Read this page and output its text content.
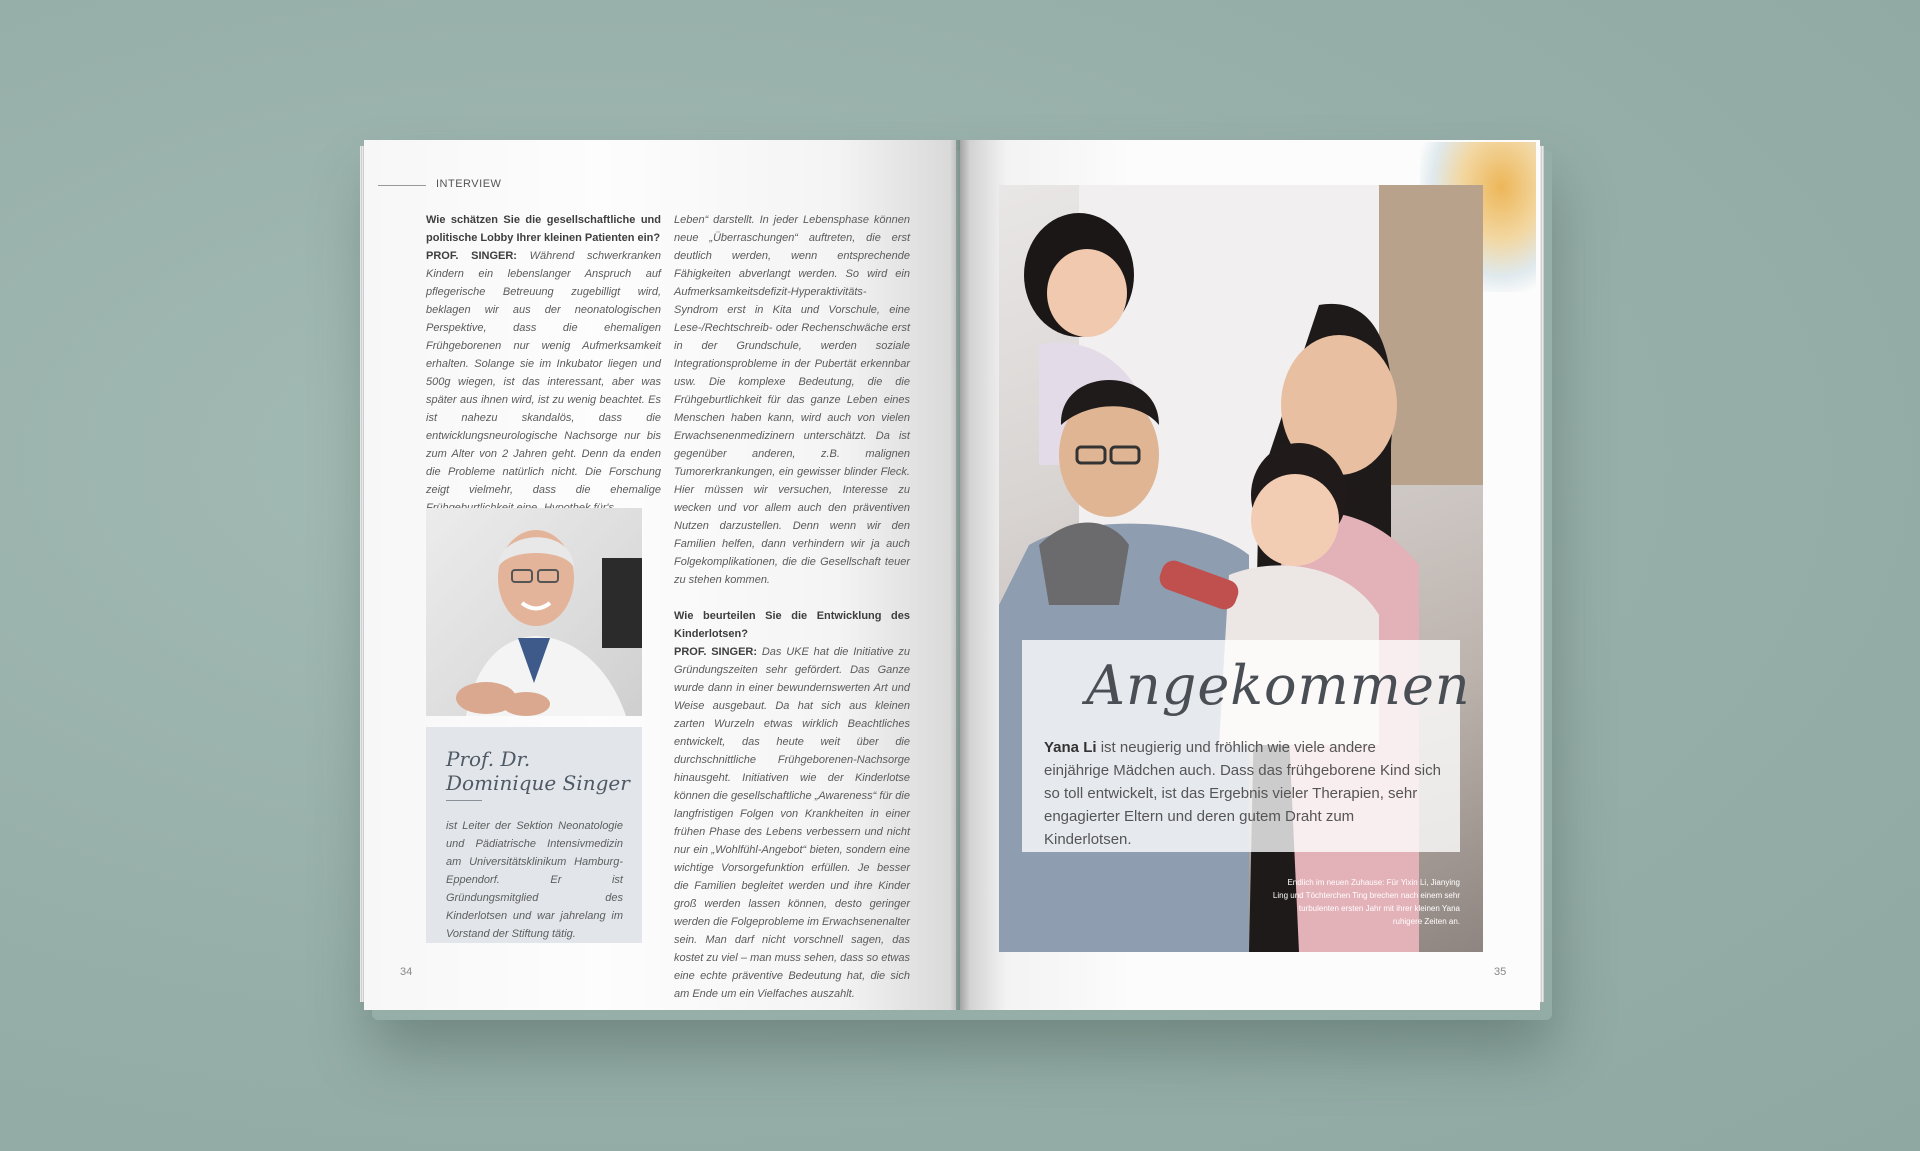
INTERVIEW
Wie schätzen Sie die gesellschaftliche und politische Lobby Ihrer kleinen Patienten ein?
PROF. SINGER: Während schwerkranken Kindern ein lebenslanger Anspruch auf pflegerische Betreuung zugebilligt wird, beklagen wir aus der neonatologischen Perspektive, dass die ehemaligen Frühgeborenen nur wenig Aufmerksamkeit erhalten. Solange sie im Inkubator liegen und 500g wiegen, ist das interessant, aber was später aus ihnen wird, ist zu wenig beachtet. Es ist nahezu skandalös, dass die entwicklungsneurologische Nachsorge nur bis zum Alter von 2 Jahren geht. Denn da enden die Probleme natürlich nicht. Die Forschung zeigt vielmehr, dass die ehemalige
Prof. Dr.
Dominique Singer
ist Leiter der Sektion Neonatologie und Pädiatrische Intensivmedizin am Universitätsklinikum Hamburg-Eppendorf. Er ist Gründungsmitglied des Kinderlotsen und war jahrelang im Vorstand der Stiftung tätig.
Leben“ darstellt. In jeder Lebensphase können neue „Überraschungen“ auftreten, die erst deutlich werden, wenn entsprechende Fähigkeiten abverlangt werden. So wird ein Aufmerksamkeitsdefizit-Hyperaktivitäts-Syndrom erst in Kita und Vorschule, eine Lese-/Rechtschreib- oder Rechenschwäche erst in der Grundschule, werden soziale Integrationsprobleme in der Pubertät erkennbar usw. Die komplexe Bedeutung, die die Frühgeburtlichkeit für das ganze Leben eines Menschen haben kann, wird auch von vielen Erwachsenenmedizinern unterschätzt. Da ist gegenüber anderen, z.B. malignen Tumorerkrankungen, ein gewisser blinder Fleck. Hier müssen wir versuchen, Interesse zu wecken und vor allem auch den präventiven Nutzen darzustellen. Denn wenn wir den Familien helfen, dann verhindern wir ja auch Folgekomplikationen, die die Gesellschaft teuer zu stehen kommen.
Wie beurteilen Sie die Entwicklung des Kinderlotsen?
PROF. SINGER: Das UKE hat die Initiative zu Gründungszeiten sehr gefördert. Das Ganze wurde dann in einer bewundernswerten Art und Weise ausgebaut. Da hat sich aus kleinen zarten Wurzeln etwas wirklich Beachtliches entwickelt, das heute weit über die durchschnittliche Frühgeborenen-Nachsorge hinausgeht. Initiativen wie der Kinderlotse können die gesellschaftliche „Awareness“ für die langfristigen Folgen von Krankheiten in einer frühen Phase des Lebens verbessern und nicht nur ein „Wohlfühl-Angebot“ bieten, sondern eine wichtige Vorsorgefunktion erfüllen. Je besser die Familien begleitet werden und ihre Kinder groß werden lassen können, desto geringer werden die Folgeprobleme im Erwachsenenalter sein. Man darf nicht vorschnell sagen, das kostet zu viel – man muss sehen, dass so etwas eine echte präventive Bedeutung hat, die sich am Ende um ein Vielfaches auszahlt.
34
Angekommen
Yana Li ist neugierig und fröhlich wie viele andere einjährige Mädchen auch. Dass das frühgeborene Kind sich so toll entwickelt, ist das Ergebnis vieler Therapien, sehr engagierter Eltern und deren gutem Draht zum Kinderlotsen.
Endlich im neuen Zuhause: Für Yixin Li, Jianying Ling und Töchterchen Ting brechen nach einem sehr turbulenten ersten Jahr mit ihrer kleinen Yana ruhigere Zeiten an.
35
